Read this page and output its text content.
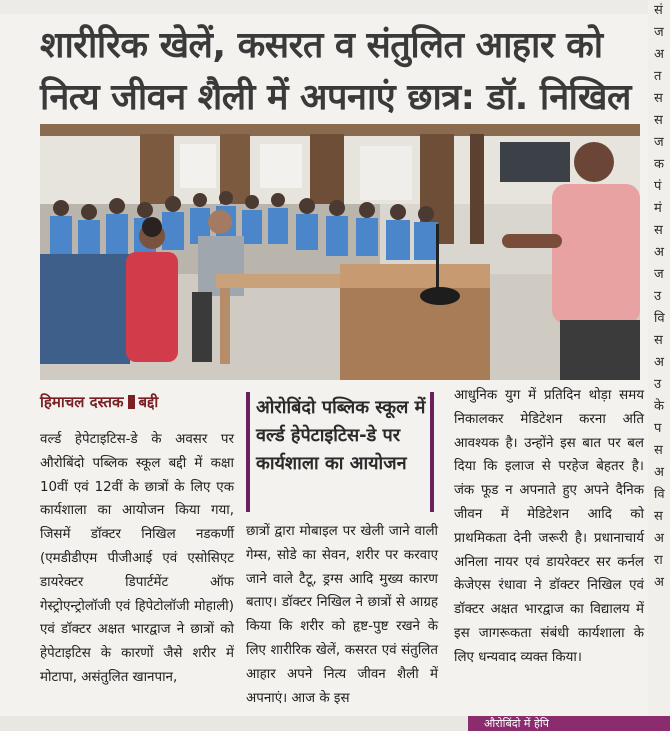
शारीरिक खेलें, कसरत व संतुलित आहार को
नित्य जीवन शैली में अपनाएं छात्र: डॉ. निखिल
हिमाचल दस्तक बद्दी
वर्ल्ड हेपेटाइटिस-डे के अवसर पर औरोबिंदो पब्लिक स्कूल बद्दी में कक्षा 10वीं एवं 12वीं के छात्रों के लिए एक कार्यशाला का आयोजन किया गया, जिसमें डॉक्टर निखिल नडकर्णी (एमडीडीएम पीजीआई एवं एसोसिएट डायरेक्टर डिपार्टमेंट ऑफ गेस्ट्रोएन्ट्रोलॉजी एवं हिपेटोलॉजी मोहाली) एवं डॉक्टर अक्षत भारद्वाज ने छात्रों को हेपेटाइटिस के कारणों जैसे शरीर में मोटापा, असंतुलित खानपान,
ओरोबिंदो पब्लिक स्कूल में वर्ल्ड हेपेटाइटिस-डे पर कार्यशाला का आयोजन
छात्रों द्वारा मोबाइल पर खेली जाने वाली गेम्स, सोडे का सेवन, शरीर पर करवाए जाने वाले टैटू, ड्रग्स आदि मुख्य कारण बताए। डॉक्टर निखिल ने छात्रों से आग्रह किया कि शरीर को हृष्ट-पुष्ट रखने के लिए शारीरिक खेलें, कसरत एवं संतुलित आहार अपने नित्य जीवन शैली में अपनाएं। आज के इस
आधुनिक युग में प्रतिदिन थोड़ा समय निकालकर मेडिटेशन करना अति आवश्यक है। उन्होंने इस बात पर बल दिया कि इलाज से परहेज बेहतर है। जंक फूड न अपनाते हुए अपने दैनिक जीवन में मेडिटेशन आदि को प्राथमिकता देनी जरूरी है। प्रधानाचार्य अनिला नायर एवं डायरेक्टर सर कर्नल केजेएस रंधावा ने डॉक्टर निखिल एवं डॉक्टर अक्षत भारद्वाज का विद्यालय में इस जागरूकता संबंधी कार्यशाला के लिए धन्यवाद व्यक्त किया।
सं
ज
अ
त
स
स
ज
क
पं
मं
स
अ
ज
उ
वि
स
अ
उ
के
प
स
अ
वि
स
अ
रा
अ
औरोबिंदो में हेपि
